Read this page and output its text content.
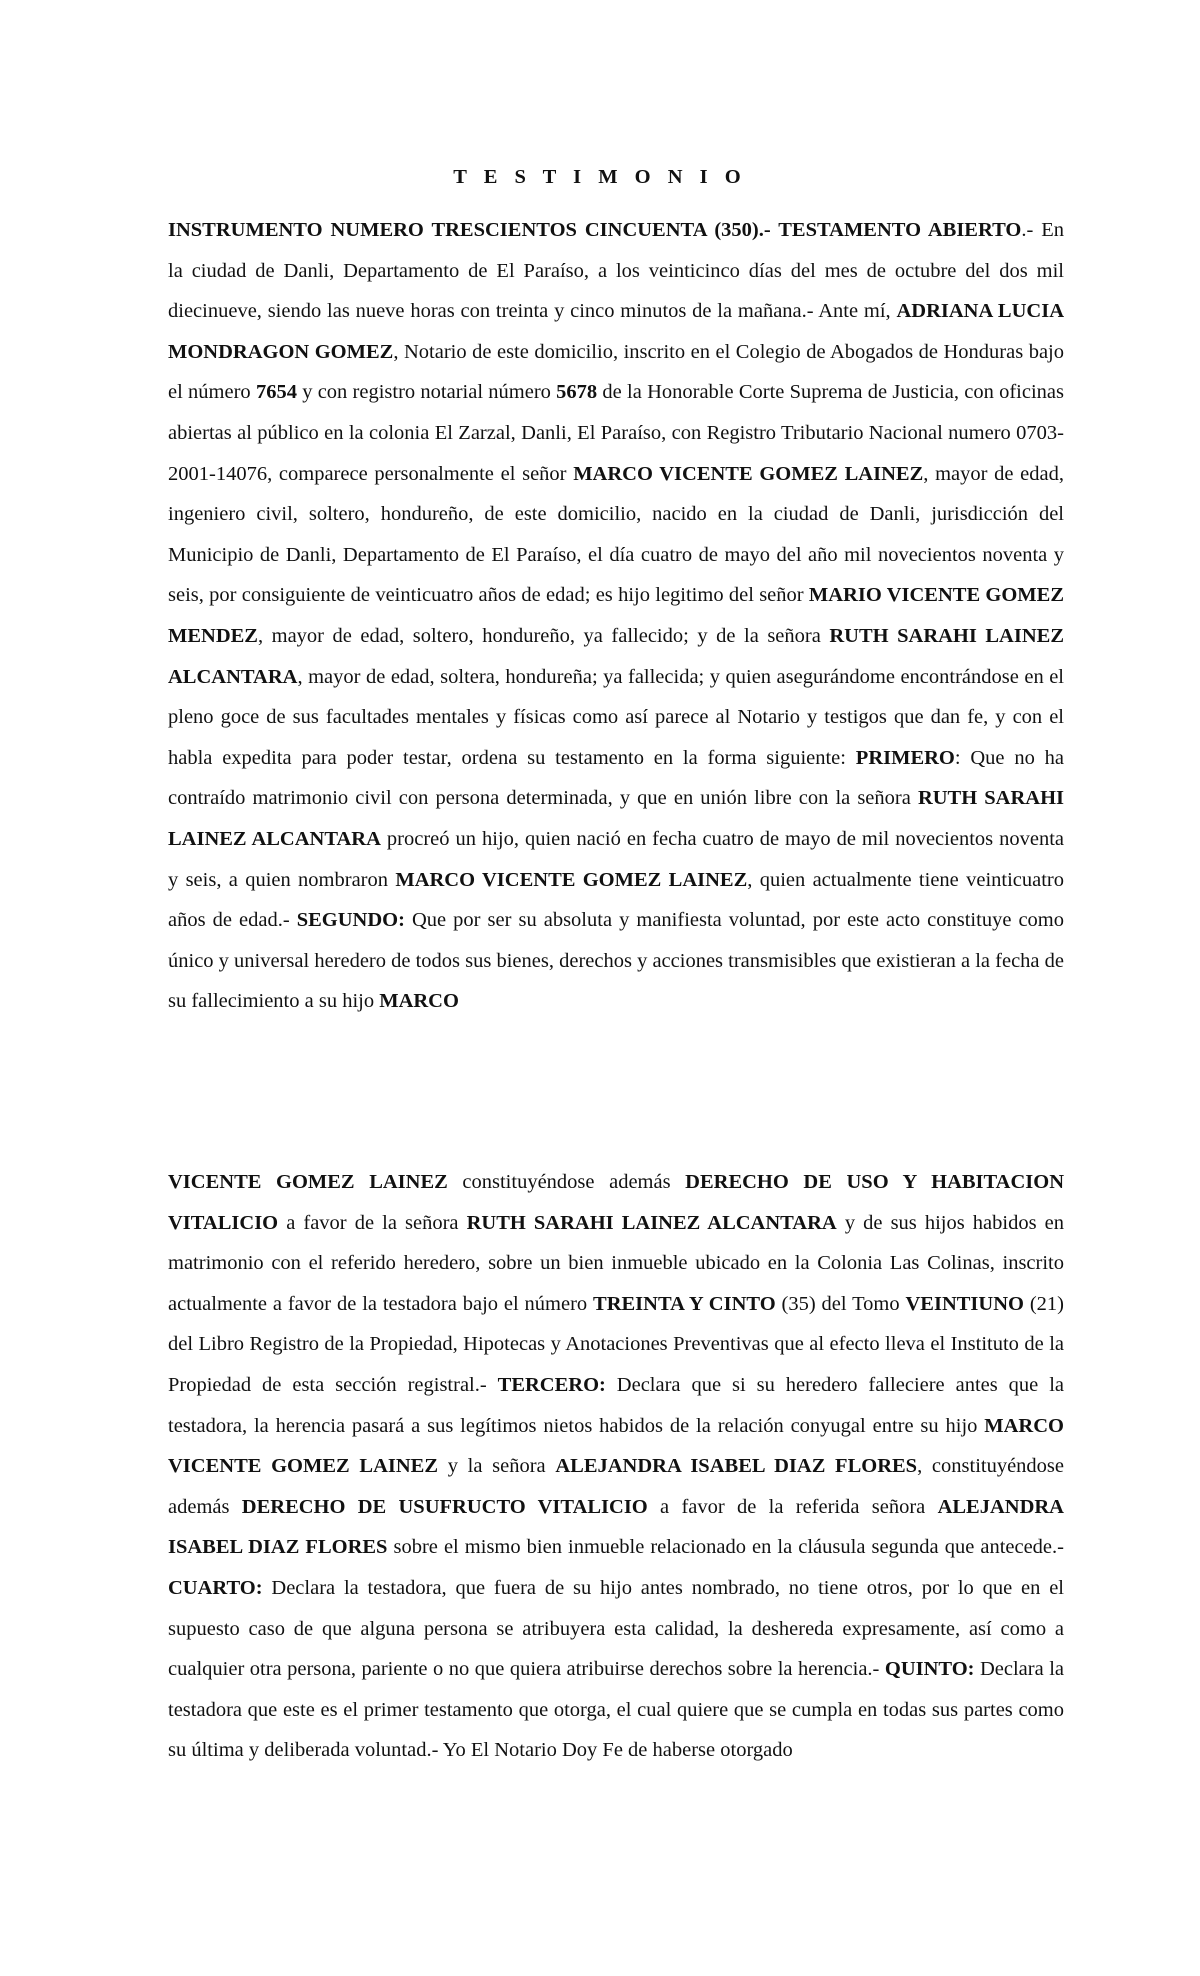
T E S T I M O N I O

INSTRUMENTO NUMERO TRESCIENTOS CINCUENTA (350).- TESTAMENTO ABIERTO.- En la ciudad de Danli, Departamento de El Paraíso, a los veinticinco días del mes de octubre del dos mil diecinueve, siendo las nueve horas con treinta y cinco minutos de la mañana.- Ante mí, ADRIANA LUCIA MONDRAGON GOMEZ, Notario de este domicilio, inscrito en el Colegio de Abogados de Honduras bajo el número 7654 y con registro notarial número 5678 de la Honorable Corte Suprema de Justicia, con oficinas abiertas al público en la colonia El Zarzal, Danli, El Paraíso, con Registro Tributario Nacional numero 0703-2001-14076, comparece personalmente el señor MARCO VICENTE GOMEZ LAINEZ, mayor de edad, ingeniero civil, soltero, hondureño, de este domicilio, nacido en la ciudad de Danli, jurisdicción del Municipio de Danli, Departamento de El Paraíso, el día cuatro de mayo del año mil novecientos noventa y seis, por consiguiente de veinticuatro años de edad; es hijo legitimo del señor MARIO VICENTE GOMEZ MENDEZ, mayor de edad, soltero, hondureño, ya fallecido; y de la señora RUTH SARAHI LAINEZ ALCANTARA, mayor de edad, soltera, hondureña; ya fallecida; y quien asegurándome encontrándose en el pleno goce de sus facultades mentales y físicas como así parece al Notario y testigos que dan fe, y con el habla expedita para poder testar, ordena su testamento en la forma siguiente: PRIMERO: Que no ha contraído matrimonio civil con persona determinada, y que en unión libre con la señora RUTH SARAHI LAINEZ ALCANTARA procreó un hijo, quien nació en fecha cuatro de mayo de mil novecientos noventa y seis, a quien nombraron MARCO VICENTE GOMEZ LAINEZ, quien actualmente tiene veinticuatro años de edad.- SEGUNDO: Que por ser su absoluta y manifiesta voluntad, por este acto constituye como único y universal heredero de todos sus bienes, derechos y acciones transmisibles que existieran a la fecha de su fallecimiento a su hijo MARCO

VICENTE GOMEZ LAINEZ constituyéndose además DERECHO DE USO Y HABITACION VITALICIO a favor de la señora RUTH SARAHI LAINEZ ALCANTARA y de sus hijos habidos en matrimonio con el referido heredero, sobre un bien inmueble ubicado en la Colonia Las Colinas, inscrito actualmente a favor de la testadora bajo el número TREINTA Y CINTO (35) del Tomo VEINTIUNO (21) del Libro Registro de la Propiedad, Hipotecas y Anotaciones Preventivas que al efecto lleva el Instituto de la Propiedad de esta sección registral.- TERCERO: Declara que si su heredero falleciere antes que la testadora, la herencia pasará a sus legítimos nietos habidos de la relación conyugal entre su hijo MARCO VICENTE GOMEZ LAINEZ y la señora ALEJANDRA ISABEL DIAZ FLORES, constituyéndose además DERECHO DE USUFRUCTO VITALICIO a favor de la referida señora ALEJANDRA ISABEL DIAZ FLORES sobre el mismo bien inmueble relacionado en la cláusula segunda que antecede.- CUARTO: Declara la testadora, que fuera de su hijo antes nombrado, no tiene otros, por lo que en el supuesto caso de que alguna persona se atribuyera esta calidad, la deshereda expresamente, así como a cualquier otra persona, pariente o no que quiera atribuirse derechos sobre la herencia.- QUINTO: Declara la testadora que este es el primer testamento que otorga, el cual quiere que se cumpla en todas sus partes como su última y deliberada voluntad.- Yo El Notario Doy Fe de haberse otorgado
